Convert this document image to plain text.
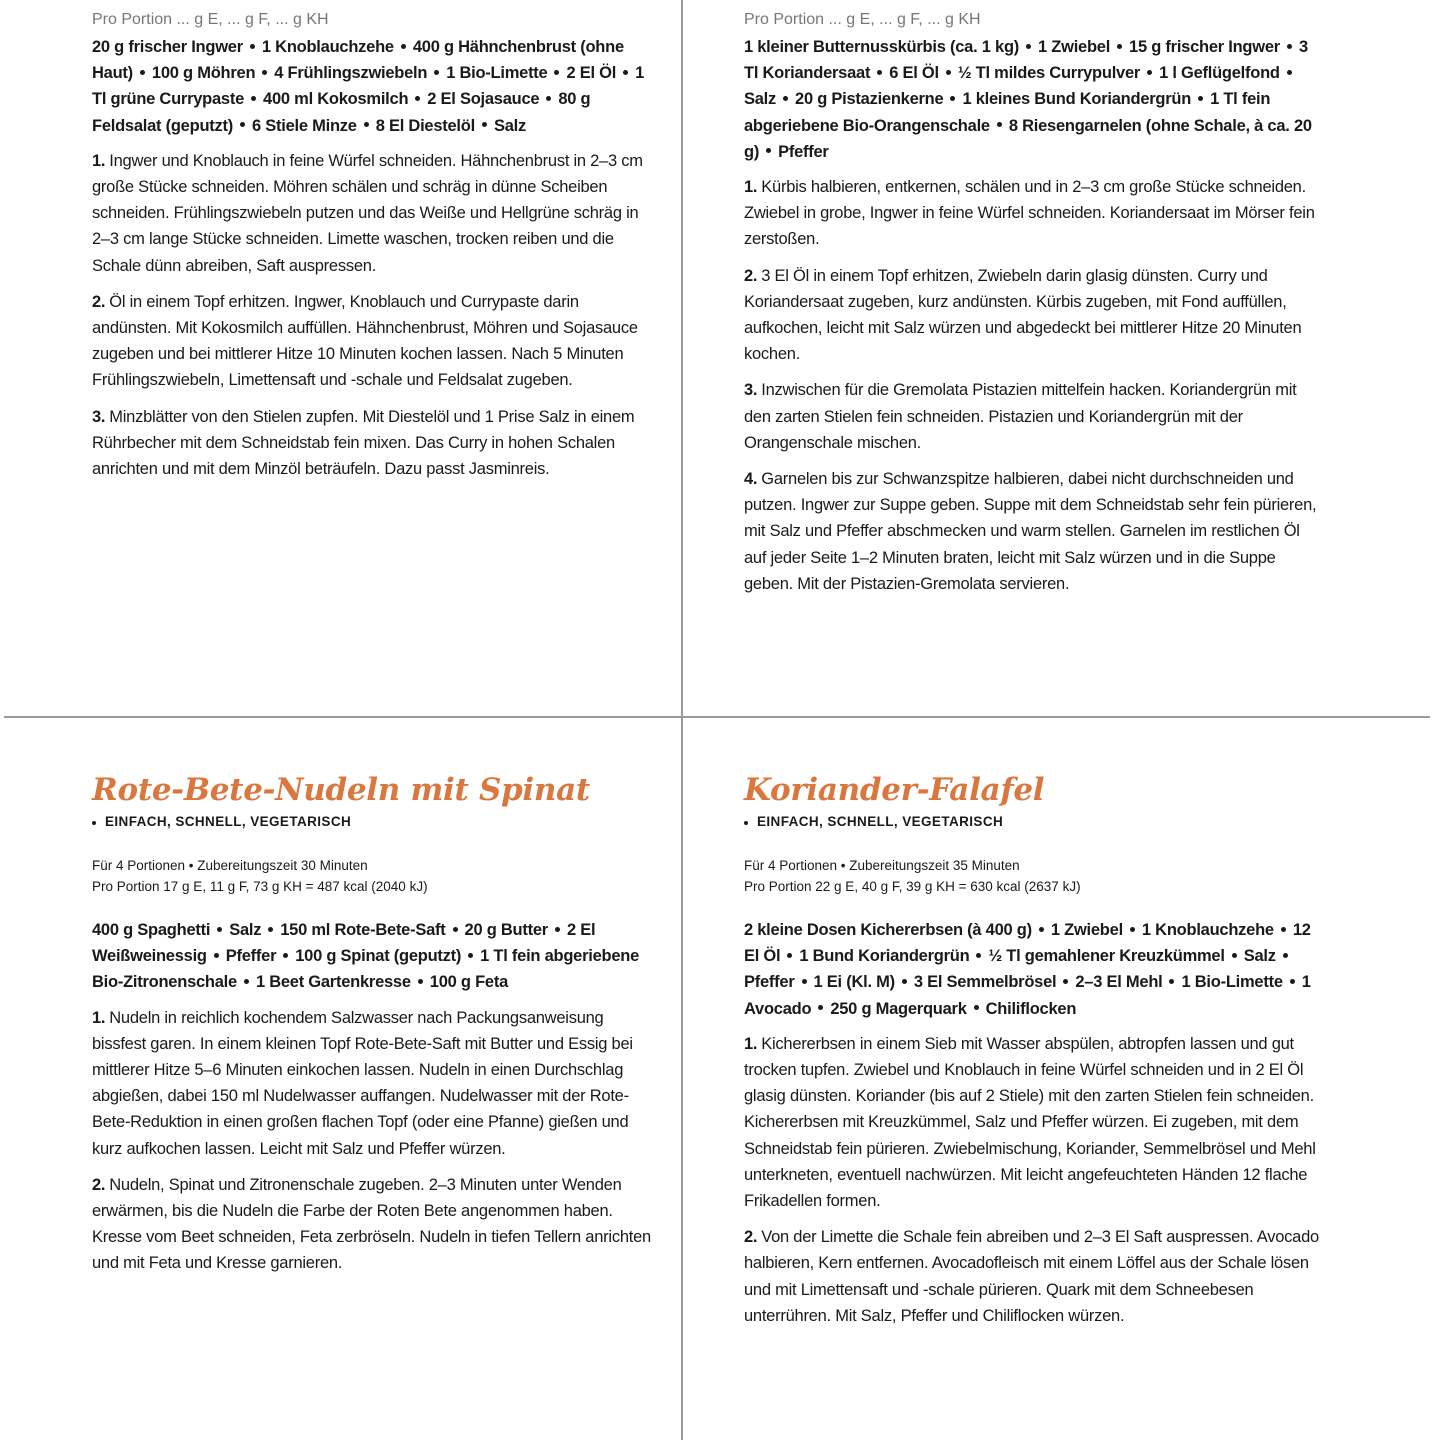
Pro Portion ... g E, ... g F, ... g KH

20 g frischer Ingwer 1 Knoblauchzehe 400 g Hähnchenbrust (ohne Haut) 100 g Möhren 4 Frühlingszwiebeln 1 Bio-Limette 2 El Öl 1 Tl grüne Currypaste 400 ml Kokosmilch 2 El Sojasauce 80 g Feldsalat (geputzt) 6 Stiele Minze 8 El Diestelöl Salz

1. Ingwer und Knoblauch in feine Würfel schneiden. Hähnchenbrust in 2–3 cm große Stücke schneiden. Möhren schälen und schräg in dünne Scheiben schneiden. Frühlingszwiebeln putzen und das Weiße und Hellgrüne schräg in 2–3 cm lange Stücke schneiden. Limette waschen, trocken reiben und die Schale dünn abreiben, Saft auspressen.

2. Öl in einem Topf erhitzen. Ingwer, Knoblauch und Currypaste darin andünsten. Mit Kokosmilch auffüllen. Hähnchenbrust, Möhren und Sojasauce zugeben und bei mittlerer Hitze 10 Minuten kochen lassen. Nach 5 Minuten Frühlingszwiebeln, Limettensaft und -schale und Feldsalat zugeben.

3. Minzblätter von den Stielen zupfen. Mit Diestelöl und 1 Prise Salz in einem Rührbecher mit dem Schneidstab fein mixen. Das Curry in hohen Schalen anrichten und mit dem Minzöl beträufeln. Dazu passt Jasminreis.

Pro Portion ... g E, ... g F, ... g KH

1 kleiner Butternusskürbis (ca. 1 kg) 1 Zwiebel 15 g frischer Ingwer 3 Tl Koriandersaat 6 El Öl ½ Tl mildes Currypulver 1 l GeflügelfondSalz 20 g Pistazienkerne 1 kleines Bund Koriandergrün 1 Tl fein abgeriebene Bio-Orangenschale 8 Riesengarnelen (ohne Schale, à ca. 20 g) Pfeffer

1. Kürbis halbieren, entkernen, schälen und in 2–3 cm große Stücke schneiden. Zwiebel in grobe, Ingwer in feine Würfel schneiden. Koriandersaat im Mörser fein zerstoßen.

2. 3 El Öl in einem Topf erhitzen, Zwiebeln darin glasig dünsten. Curry und Koriandersaat zugeben, kurz andünsten. Kürbis zugeben, mit Fond auffüllen, aufkochen, leicht mit Salz würzen und abgedeckt bei mittlerer Hitze 20 Minuten kochen.

3. Inzwischen für die Gremolata Pistazien mittelfein hacken. Koriandergrün mit den zarten Stielen fein schneiden. Pistazien und Koriandergrün mit der Orangenschale mischen.

4. Garnelen bis zur Schwanzspitze halbieren, dabei nicht durchschneiden und putzen. Ingwer zur Suppe geben. Suppe mit dem Schneidstab sehr fein pürieren, mit Salz und Pfeffer abschmecken und warm stellen. Garnelen im restlichen Öl auf jeder Seite 1–2 Minuten braten, leicht mit Salz würzen und in die Suppe geben. Mit der Pistazien-Gremolata servieren.

Rote-Bete-Nudeln mit Spinat
EINFACH, SCHNELL, VEGETARISCH
Für 4 Portionen • Zubereitungszeit 30 Minuten
Pro Portion 17 g E, 11 g F, 73 g KH = 487 kcal (2040 kJ)

400 g Spaghetti Salz 150 ml Rote-Bete-Saft 20 g Butter 2 El Weißweinessig Pfeffer 100 g Spinat (geputzt) 1 Tl fein abgeriebene Bio-Zitronenschale 1 Beet Gartenkresse 100 g Feta

1. Nudeln in reichlich kochendem Salzwasser nach Packungsanweisung bissfest garen. In einem kleinen Topf Rote-Bete-Saft mit Butter und Essig bei mittlerer Hitze 5–6 Minuten einkochen lassen. Nudeln in einen Durchschlag abgießen, dabei 150 ml Nudelwasser auffangen. Nudelwasser mit der Rote-Bete-Reduktion in einen großen flachen Topf (oder eine Pfanne) gießen und kurz aufkochen lassen. Leicht mit Salz und Pfeffer würzen.

2. Nudeln, Spinat und Zitronenschale zugeben. 2–3 Minuten unter Wenden erwärmen, bis die Nudeln die Farbe der Roten Bete angenommen haben. Kresse vom Beet schneiden, Feta zerbröseln. Nudeln in tiefen Tellern anrichten und mit Feta und Kresse garnieren.

Koriander-Falafel
EINFACH, SCHNELL, VEGETARISCH
Für 4 Portionen • Zubereitungszeit 35 Minuten
Pro Portion 22 g E, 40 g F, 39 g KH = 630 kcal (2637 kJ)

2 kleine Dosen Kichererbsen (à 400 g) 1 Zwiebel 1 Knoblauchzehe 12 El Öl 1 Bund Koriandergrün ½ Tl gemahlener Kreuzkümmel SalzPfeffer 1 Ei (Kl. M) 3 El Semmelbrösel 2–3 El Mehl 1 Bio-Limette 1 Avocado 250 g Magerquark Chiliflocken

1. Kichererbsen in einem Sieb mit Wasser abspülen, abtropfen lassen und gut trocken tupfen. Zwiebel und Knoblauch in feine Würfel schneiden und in 2 El Öl glasig dünsten. Koriander (bis auf 2 Stiele) mit den zarten Stielen fein schneiden. Kichererbsen mit Kreuzkümmel, Salz und Pfeffer würzen. Ei zugeben, mit dem Schneidstab fein pürieren. Zwiebelmischung, Koriander, Semmelbrösel und Mehl unterkneten, eventuell nachwürzen. Mit leicht angefeuchteten Händen 12 flache Frikadellen formen.

2. Von der Limette die Schale fein abreiben und 2–3 El Saft auspressen. Avocado halbieren, Kern entfernen. Avocadofleisch mit einem Löffel aus der Schale lösen und mit Limettensaft und -schale pürieren. Quark mit dem Schneebesen unterrühren. Mit Salz, Pfeffer und Chiliflocken würzen.
